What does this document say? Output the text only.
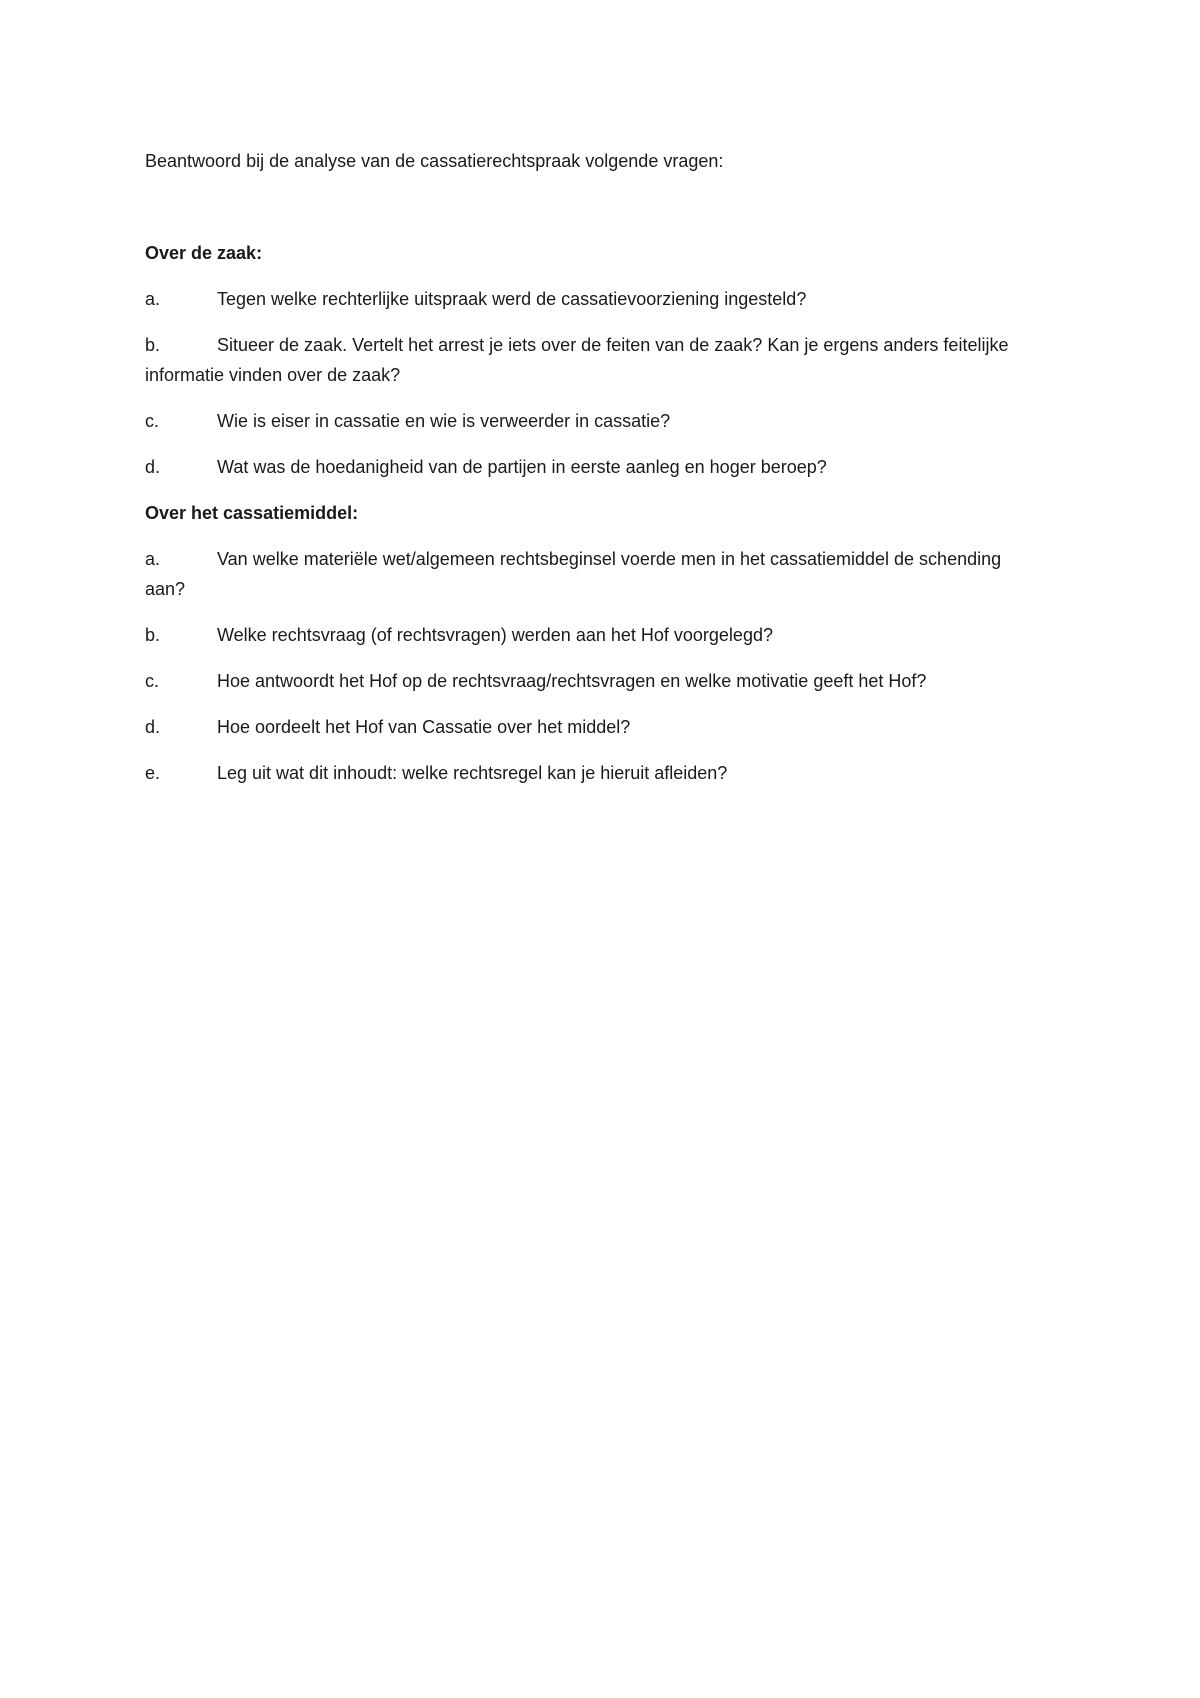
Beantwoord bij de analyse van de cassatierechtspraak volgende vragen:

Over de zaak:

a.	Tegen welke rechterlijke uitspraak werd de cassatievoorziening ingesteld?

b.	Situeer de zaak. Vertelt het arrest je iets over de feiten van de zaak? Kan je ergens anders feitelijke informatie vinden over de zaak?

c.	Wie is eiser in cassatie en wie is verweerder in cassatie?

d.	Wat was de hoedanigheid van de partijen in eerste aanleg en hoger beroep?

Over het cassatiemiddel:

a.	Van welke materiële wet/algemeen rechtsbeginsel voerde men in het cassatiemiddel de schending aan?

b.	Welke rechtsvraag (of rechtsvragen) werden aan het Hof voorgelegd?

c.	Hoe antwoordt het Hof op de rechtsvraag/rechtsvragen en welke motivatie geeft het Hof?

d.	Hoe oordeelt het Hof van Cassatie over het middel?

e.	Leg uit wat dit inhoudt: welke rechtsregel kan je hieruit afleiden?
